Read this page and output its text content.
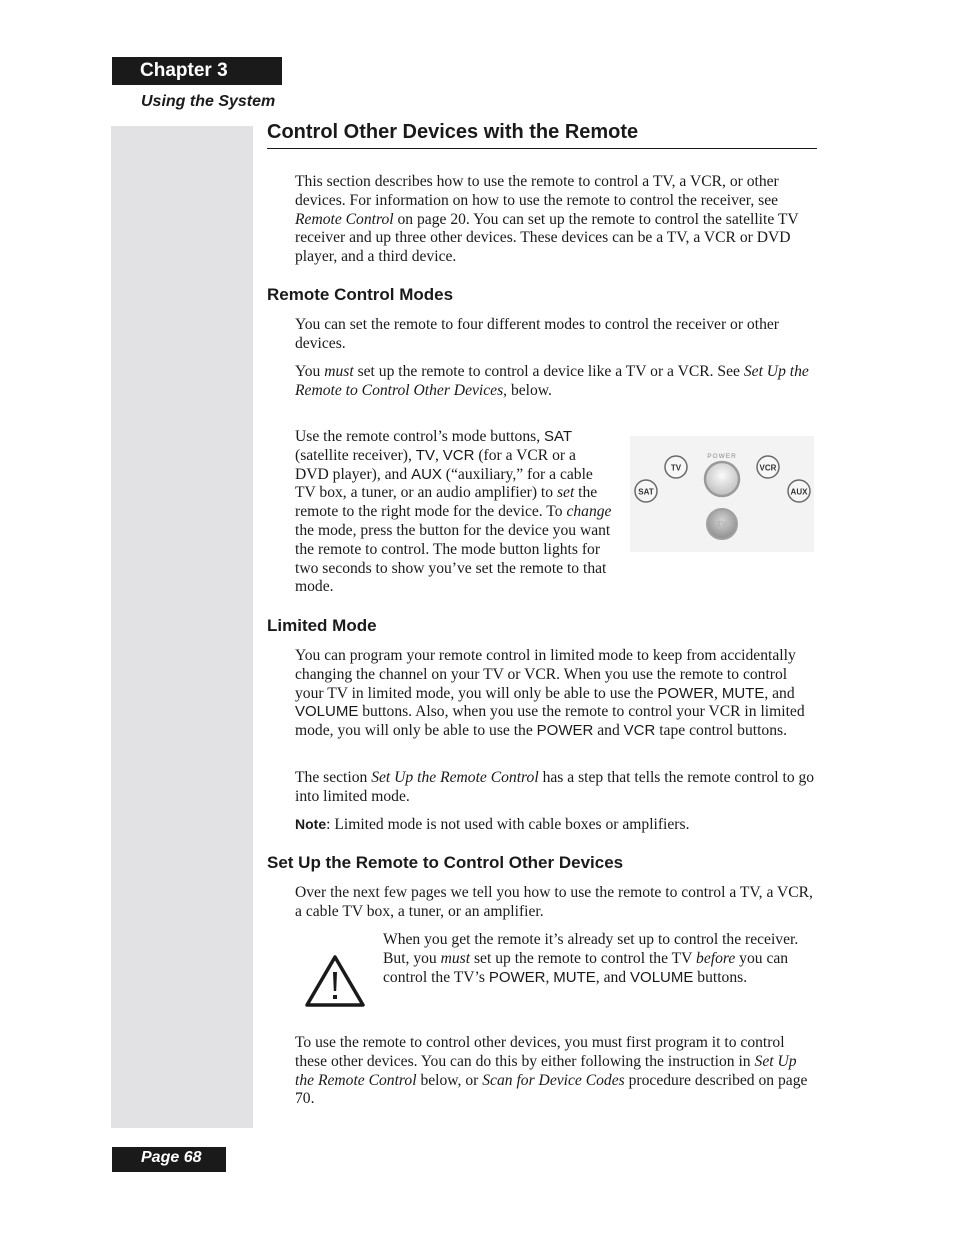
Chapter 3
Using the System
Control Other Devices with the Remote

This section describes how to use the remote to control a TV, a VCR, or other devices. For information on how to use the remote to control the receiver, see Remote Control on page 20. You can set up the remote to control the satellite TV receiver and up three other devices. These devices can be a TV, a VCR or DVD player, and a third device.

Remote Control Modes

You can set the remote to four different modes to control the receiver or other devices.

You must set up the remote to control a device like a TV or a VCR. See Set Up the Remote to Control Other Devices, below.

Use the remote control’s mode buttons, SAT (satellite receiver), TV, VCR (for a VCR or a DVD player), and AUX (“auxiliary,” for a cable TV box, a tuner, or an audio amplifier) to set the remote to the right mode for the device. To change the mode, press the button for the device you want the remote to control. The mode button lights for two seconds to show you’ve set the remote to that mode.

TV	VCR
SAT	AUX
POWER
TV
Limited Mode

You can program your remote control in limited mode to keep from accidentally changing the channel on your TV or VCR. When you use the remote to control your TV in limited mode, you will only be able to use the POWER, MUTE, and VOLUME buttons. Also, when you use the remote to control your VCR in limited mode, you will only be able to use the POWER and VCR tape control buttons.

The section Set Up the Remote Control has a step that tells the remote control to go into limited mode.

Note: Limited mode is not used with cable boxes or amplifiers.

Set Up the Remote to Control Other Devices

Over the next few pages we tell you how to use the remote to control a TV, a VCR, a cable TV box, a tuner, or an amplifier.

When you get the remote it’s already set up to control the receiver. But, you must set up the remote to control the TV before you can control the TV’s POWER, MUTE, and VOLUME buttons.

To use the remote to control other devices, you must first program it to control these other devices. You can do this by either following the instruction in Set Up the Remote Control below, or Scan for Device Codes procedure described on page 70.

Page 68
